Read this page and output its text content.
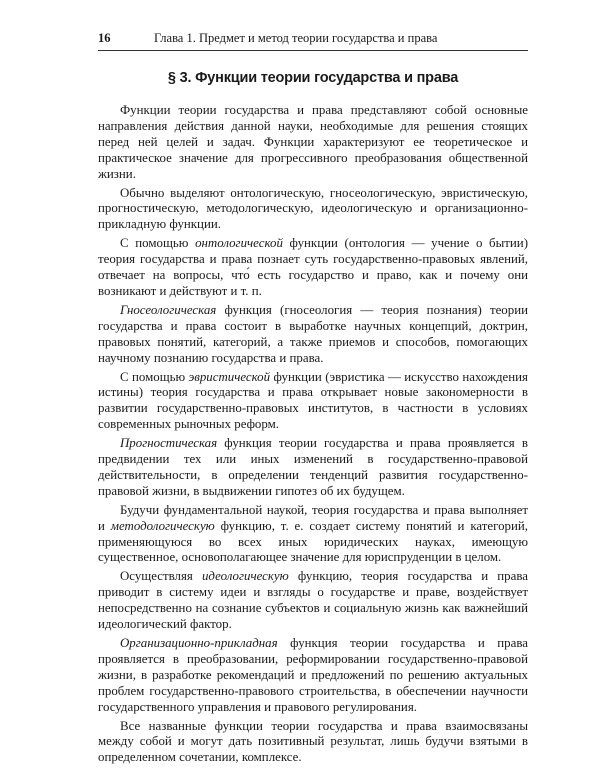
16	Глава 1. Предмет и метод теории государства и права
§ 3. Функции теории государства и права

Функции теории государства и права представляют собой основные направления действия данной науки, необходимые для решения стоящих перед ней целей и задач. Функции характеризуют ее теоретическое и практическое значение для прогрессивного преобразования общественной жизни.

Обычно выделяют онтологическую, гносеологическую, эвристическую, прогностическую, методологическую, идеологическую и организационно-прикладную функции.

С помощью онтологической функции (онтология — учение о бытии) теория государства и права познает суть государственно-правовых явлений, отвечает на вопросы, что́ есть государство и право, как и почему они возникают и действуют и т. п.

Гносеологическая функция (гносеология — теория познания) теории государства и права состоит в выработке научных концепций, доктрин, правовых понятий, категорий, а также приемов и способов, помогающих научному познанию государства и права.

С помощью эвристической функции (эвристика — искусство нахождения истины) теория государства и права открывает новые закономерности в развитии государственно-правовых институтов, в частности в условиях современных рыночных реформ.

Прогностическая функция теории государства и права проявляется в предвидении тех или иных изменений в государственно-правовой действительности, в определении тенденций развития государственно-правовой жизни, в выдвижении гипотез об их будущем.

Будучи фундаментальной наукой, теория государства и права выполняет и методологическую функцию, т. е. создает систему понятий и категорий, применяющуюся во всех иных юридических науках, имеющую существенное, основополагающее значение для юриспруденции в целом.

Осуществляя идеологическую функцию, теория государства и права приводит в систему идеи и взгляды о государстве и праве, воздействует непосредственно на сознание субъектов и социальную жизнь как важнейший идеологический фактор.

Организационно-прикладная функция теории государства и права проявляется в преобразовании, реформировании государственно-правовой жизни, в разработке рекомендаций и предложений по решению актуальных проблем государственно-правового строительства, в обеспечении научности государственного управления и правового регулирования.

Все названные функции теории государства и права взаимосвязаны между собой и могут дать позитивный результат, лишь будучи взятыми в определенном сочетании, комплексе.
